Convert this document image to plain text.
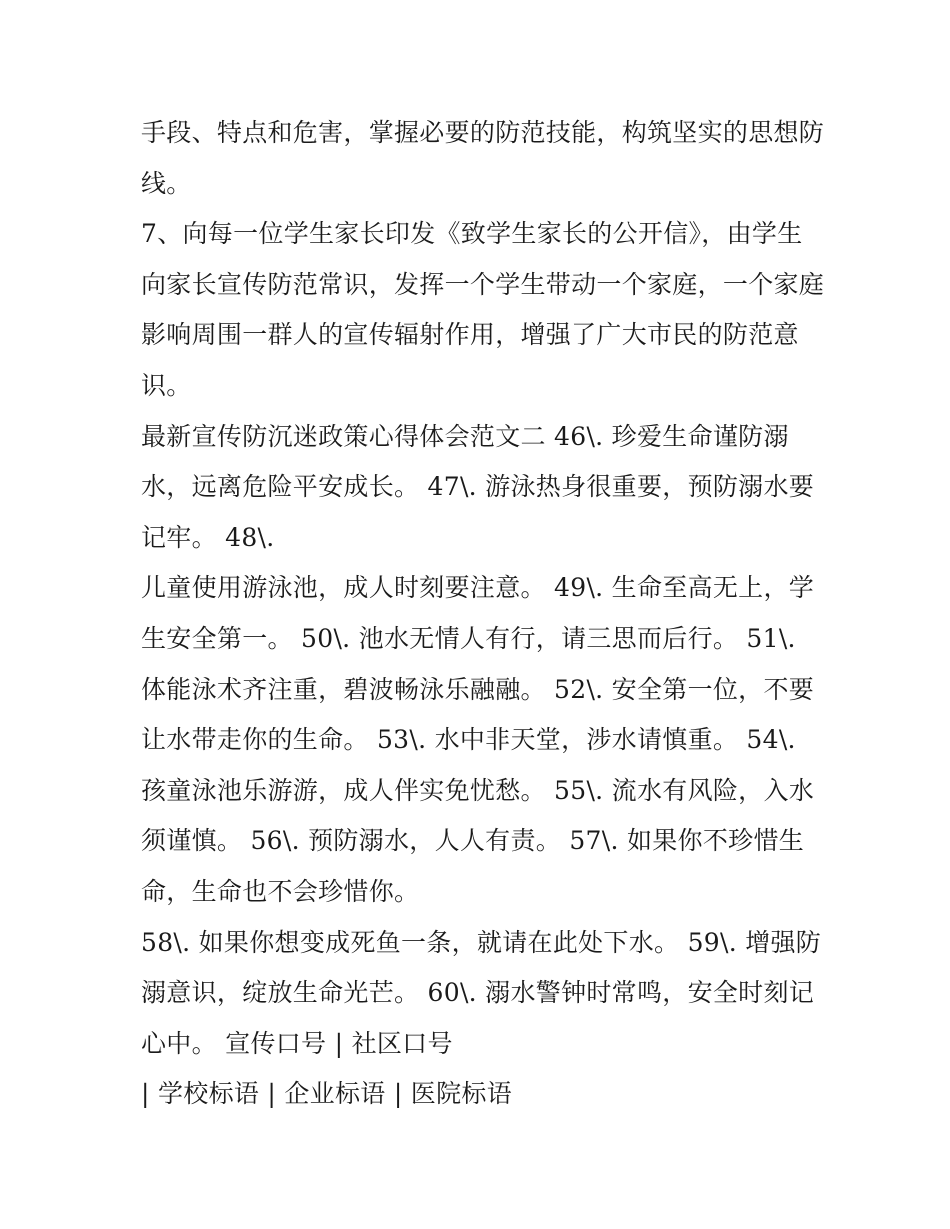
手段、特点和危害，掌握必要的防范技能，构筑坚实的思想防
线。
7、向每一位学生家长印发《致学生家长的公开信》，由学生
向家长宣传防范常识，发挥一个学生带动一个家庭，一个家庭
影响周围一群人的宣传辐射作用，增强了广大市民的防范意
识。
最新宣传防沉迷政策心得体会范文二 46\. 珍爱生命谨防溺
水，远离危险平安成长。 47\. 游泳热身很重要，预防溺水要
记牢。 48\.
儿童使用游泳池，成人时刻要注意。 49\. 生命至高无上，学
生安全第一。 50\. 池水无情人有行，请三思而后行。 51\.
体能泳术齐注重，碧波畅泳乐融融。 52\. 安全第一位，不要
让水带走你的生命。 53\. 水中非天堂，涉水请慎重。 54\.
孩童泳池乐游游，成人伴实免忧愁。 55\. 流水有风险，入水
须谨慎。 56\. 预防溺水，人人有责。 57\. 如果你不珍惜生
命，生命也不会珍惜你。
58\. 如果你想变成死鱼一条，就请在此处下水。 59\. 增强防
溺意识，绽放生命光芒。 60\. 溺水警钟时常鸣，安全时刻记
心中。 宣传口号 | 社区口号
| 学校标语 | 企业标语 | 医院标语
